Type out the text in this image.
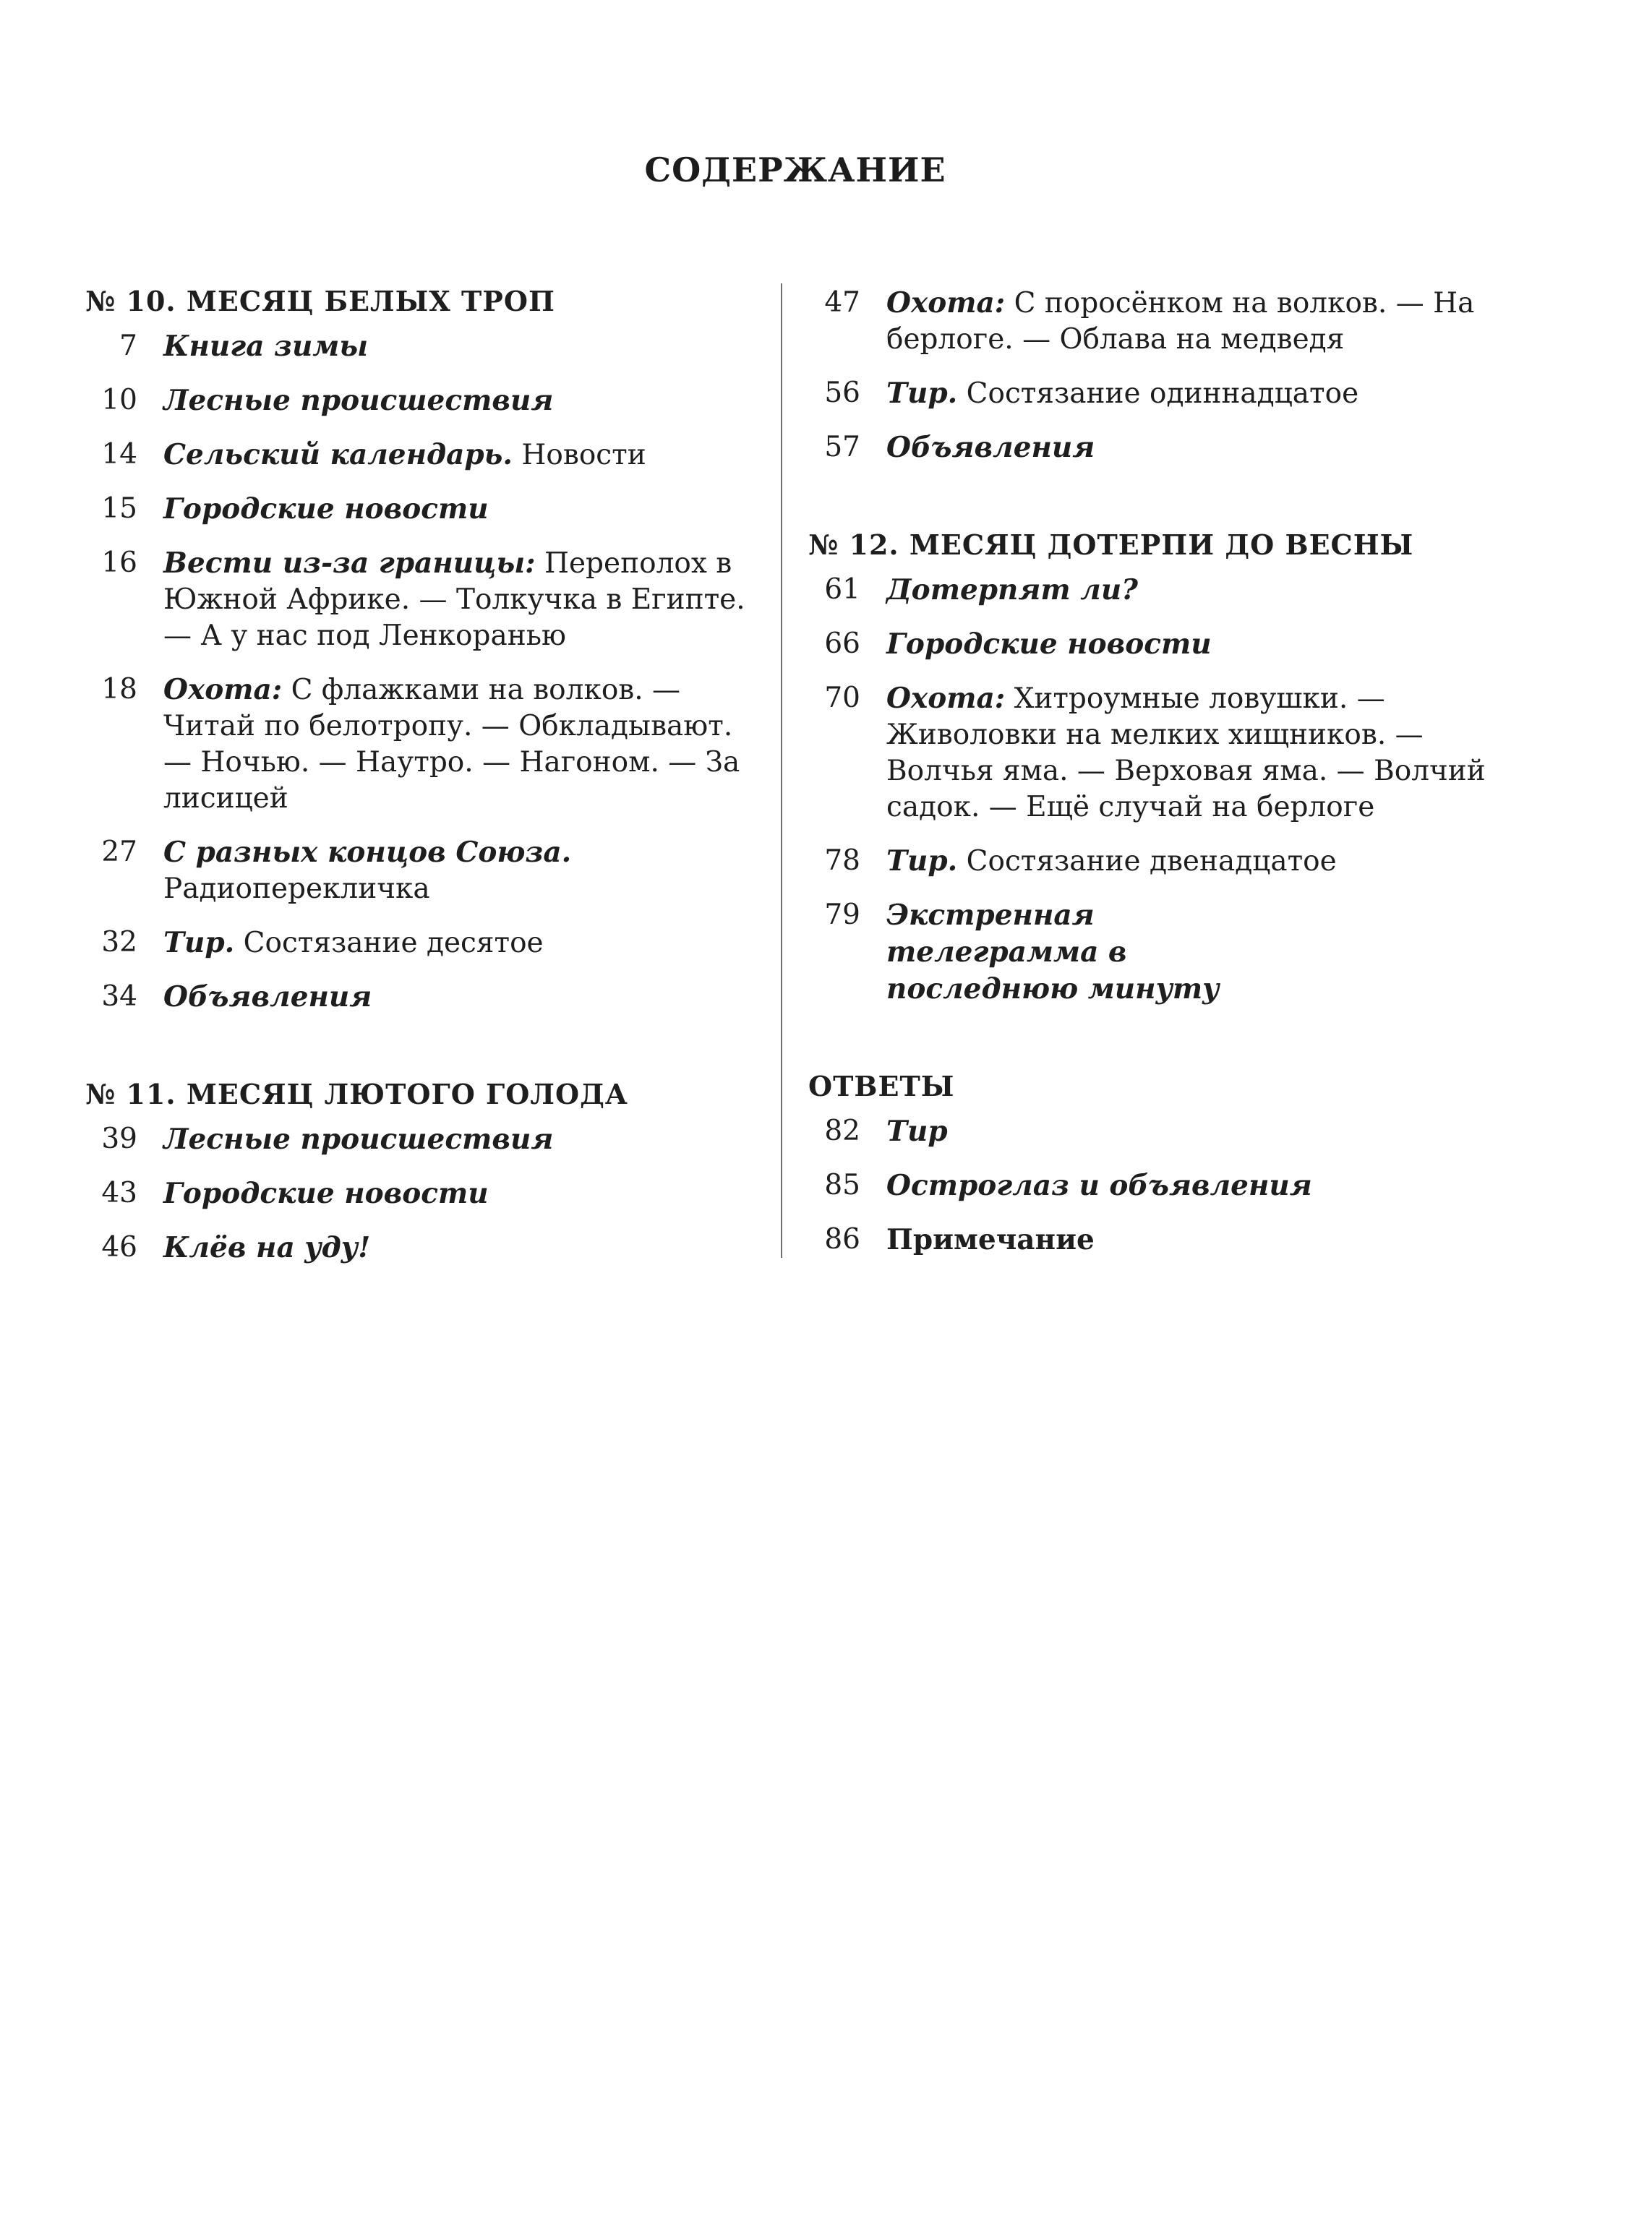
СОДЕРЖАНИЕ
№ 10. МЕСЯЦ БЕЛЫХ ТРОП
7 Книга зимы
10 Лесные происшествия
14 Сельский календарь. Новости
15 Городские новости
16 Вести из-за границы: Переполох в Южной Африке. — Толкучка в Египте. — А у нас под Ленкоранью
18 Охота: С флажками на волков. — Читай по белотропу. — Обкладывают. — Ночью. — Наутро. — Нагоном. — За лисицей
27 С разных концов Союза. Радиоперекличка
32 Тир. Состязание десятое
34 Объявления
№ 11. МЕСЯЦ ЛЮТОГО ГОЛОДА
39 Лесные происшествия
43 Городские новости
46 Клёв на уду!
47 Охота: С поросёнком на волков. — На берлоге. — Облава на медведя
56 Тир. Состязание одиннадцатое
57 Объявления
№ 12. МЕСЯЦ ДОТЕРПИ ДО ВЕСНЫ
61 Дотерпят ли?
66 Городские новости
70 Охота: Хитроумные ловушки. — Живоловки на мелких хищников. — Волчья яма. — Верховая яма. — Волчий садок. — Ещё случай на берлоге
78 Тир. Состязание двенадцатое
79 Экстренная телеграмма в последнюю минуту
ОТВЕТЫ
82 Тир
85 Остроглаз и объявления
86 Примечание
